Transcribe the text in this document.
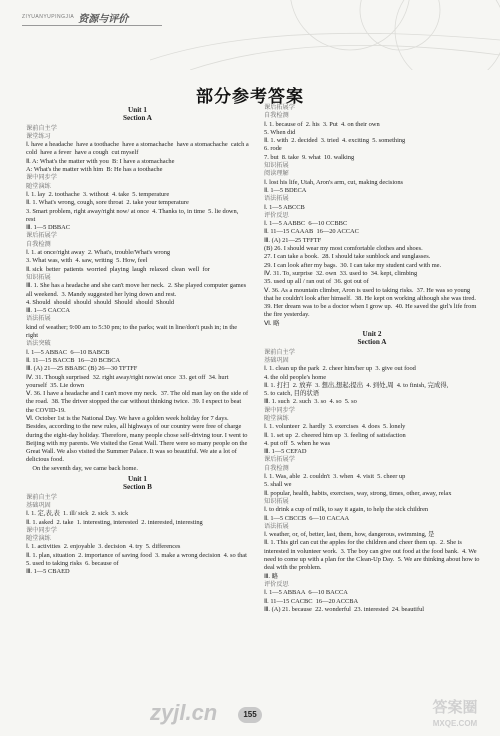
ZIYUANYUPINGJIA 资源与评价
部分参考答案
Unit 1
Section A
课前自主学
课堂练习
Ⅰ. have a headache  have a toothache  have a stomachache  have a stomachache  catch a cold  have a fever  have a cough  cut myself
Ⅱ. A: What's the matter with you  B: I have a stomachache
A: What's the matter with him  B: He has a toothache
课中同步学
随堂演练
Ⅰ. 1. lay  2. toothache  3. without  4. take  5. temperature
Ⅱ. 1. What's wrong, cough, sore throat  2. take your temperature
3. Smart problem, right away/right now/ at once  4. Thanks to, in time  5. lie down, rest
Ⅲ. 1—5 DBBAC
课后拓展学
自我检测
Ⅰ. 1. at once/right away  2. What's, trouble/What's wrong
3. What was, with  4. saw, writing  5. How, feel
Ⅱ. sick  better  patients  worried  playing  laugh  relaxed  clean  well  for
知识拓展
Ⅲ. 1. She has a headache and she can't move her neck.  2. She played computer games all weekend.  3. Mandy suggested her lying down and rest.
4. Should  should  should  should  Should  should  Should
Ⅲ. 1—5 CACCA
语法拓展
kind of weather; 9:00 am to 5:30 pm; to the parks; wait in line/don't push in; in the right
语法突破
Ⅰ. 1—5 ABBAC  6—10 BABCB
Ⅱ. 11—15 BACCB  16—20 BCBCA
Ⅲ. (A) 21—25 BBABC (B) 26—30 TFTFF
Ⅳ. 31. Though surprised  32. right away/right now/at once  33. get off  34. hurt yourself  35. Lie down
Ⅴ. 36. I have a headache and I can't move my neck.  37. The old man lay on the side of the road.  38. The driver stopped the car without thinking twice.  39. I expect to beat the COVID-19.
Ⅵ. October 1st is the National Day. We have a golden week holiday for 7 days. Besides, according to the new rules, all highways of our country were free of charge during the eight-day holiday. Therefore, many people chose self-driving tour. I went to Beijing with my parents. We visited the Great Wall. There were so many people on the Great Wall. We also visited the Summer Palace. It was so beautiful. We ate a lot of delicious food.
On the seventh day, we came back home.
Unit 1
Section B
课前自主学
基础巩固
Ⅰ. 1. 定,表,表  1. ill/ sick  2. sick  3. sick
Ⅱ. 1. asked  2. take  1. interesting, interested  2. interested, interesting
课中同步学
随堂演练
Ⅰ. 1. activities  2. enjoyable  3. decision  4. try  5. differences
Ⅱ. 1. plan, situation  2. importance of saving food  3. make a wrong decision  4. so that  5. used to taking risks  6. because of
Ⅲ. 1—5 CBAED
课后拓展学
自我检测
Ⅰ. 1. because of  2. his  3. Put  4. on their own
5. When did
Ⅱ. 1. with  2. decided  3. tried  4. exciting  5. something
6. rode
7. but  8. take  9. what  10. walking
知识拓展
阅读理解
Ⅰ. lost his life, Utah, Aron's arm, cut, making decisions
Ⅱ. 1—5 BDECA
语法拓展
Ⅰ. 1—5 ABCCB
评价反思
Ⅰ. 1—5 AABBC  6—10 CCBBC
Ⅱ. 11—15 CAAAB  16—20 ACCAC
Ⅲ. (A) 21—25 TFFTF
(B) 26. I should wear my most comfortable clothes and shoes.
27. I can take a book.  28. I should take sunblock and sunglasses.
29. I can look after my bags.  30. I can take my student card with me.
Ⅳ. 31. To, surprise  32. own  33. used to  34. kept, climbing
35. used up all / ran out of  36. got out of
Ⅴ. 36. As a mountain climber, Aron is used to taking risks.  37. He was so young that he couldn't look after himself.  38. He kept on working although she was tired.  39. Her dream was to be a doctor when I grow up.  40. He saved the girl's life from the fire yesterday.
Ⅵ. 略
Unit 2
Section A
课前自主学
基础巩固
Ⅰ. 1. clean up the park  2. cheer him/her up  3. give out food
4. the old people's home
Ⅱ. 1. 打扫  2. 放弃  3. 想出,想起;提出  4. 到处,周  4. to finish, 完成得,
5. to catch, 目的状语
Ⅲ. 1. such  2. such  3. so  4. so  5. so
课中同步学
随堂演练
Ⅰ. 1. volunteer  2. hardly  3. exercises  4. does  5. lonely
Ⅱ. 1. set up  2. cheered him up  3. feeling of satisfaction
4. put off  5. when he was
Ⅲ. 1—5 CEFAD
课后拓展学
自我检测
Ⅰ. 1. Was, able  2. couldn't  3. when  4. visit  5. cheer up
5. shall we
Ⅱ. popular, health, habits, exercises, way, strong, times, other, away, relax
知识拓展
Ⅰ. to drink a cup of milk, to say it again, to help the sick children
Ⅱ. 1—5 CBCCB  6—10 CACAA
语法拓展
Ⅰ. weather, or, of, better, last, them, how, dangerous, swimming, 是
Ⅱ. 1. This girl can cut the apples for the children and cheer them up.  2. She is interested in volunteer work.  3. The boy can give out food at the food bank.  4. We need to come up with a plan for the Clean-Up Day.  5. We are thinking about how to deal with the problem.
Ⅲ. 略
评价反思
Ⅰ. 1—5 ABBAA  6—10 BACCA
Ⅱ. 11—15 CACBC  16—20 ACCBA
Ⅲ. (A) 21. because  22. wonderful  23. interested  24. beautiful
zyjl.cn	155	答案圈
MXQE.COM
